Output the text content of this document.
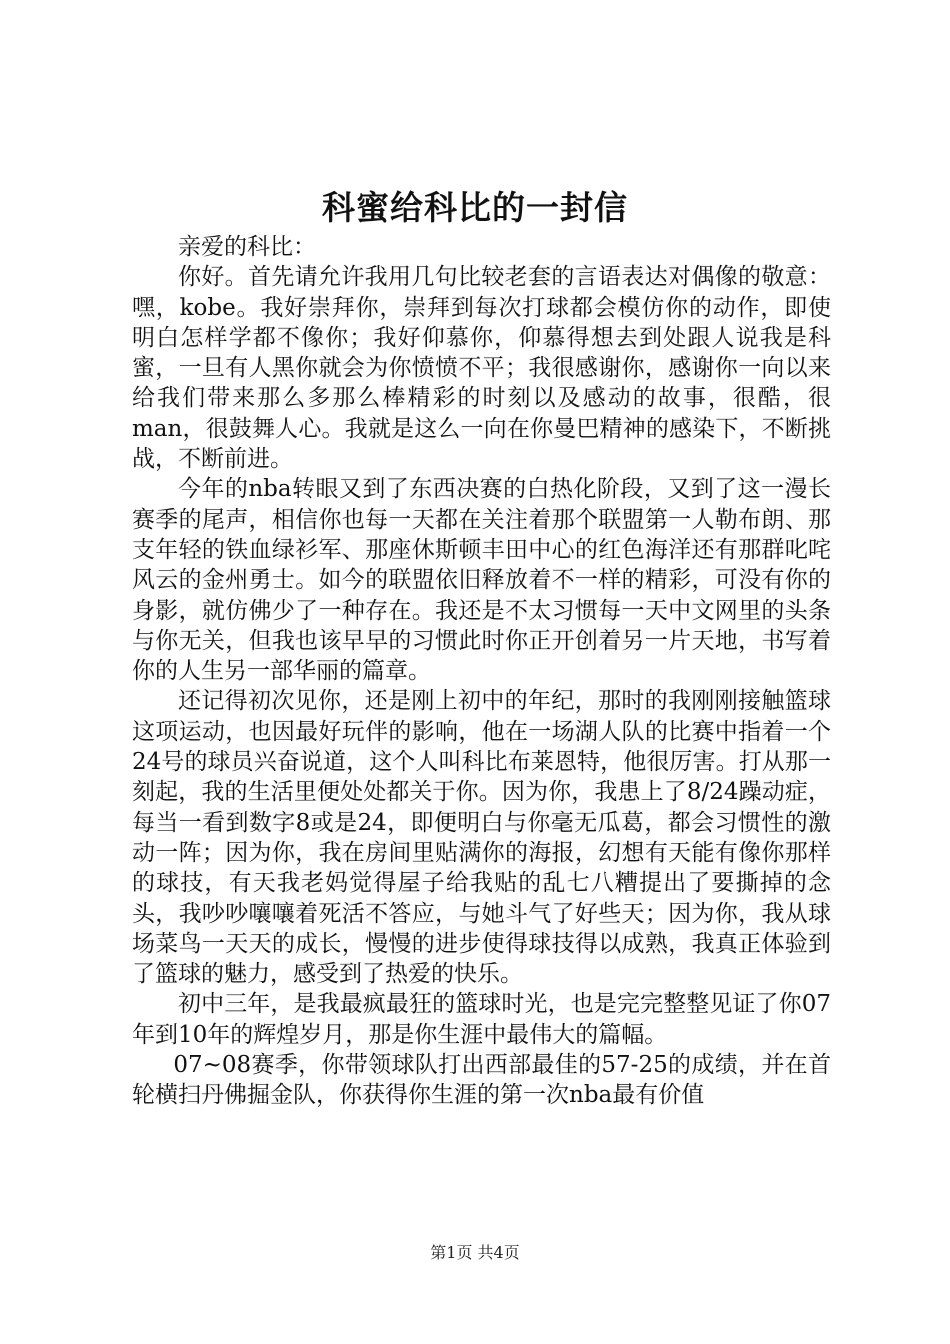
科蜜给科比的一封信

亲爱的科比：

你好。首先请允许我用几句比较老套的言语表达对偶像的敬意：嘿，kobe。我好崇拜你，崇拜到每次打球都会模仿你的动作，即使明白怎样学都不像你；我好仰慕你，仰慕得想去到处跟人说我是科蜜，一旦有人黑你就会为你愤愤不平；我很感谢你，感谢你一向以来给我们带来那么多那么棒精彩的时刻以及感动的故事，很酷，很man，很鼓舞人心。我就是这么一向在你曼巴精神的感染下，不断挑战，不断前进。

今年的nba转眼又到了东西决赛的白热化阶段，又到了这一漫长赛季的尾声，相信你也每一天都在关注着那个联盟第一人勒布朗、那支年轻的铁血绿衫军、那座休斯顿丰田中心的红色海洋还有那群叱咤风云的金州勇士。如今的联盟依旧释放着不一样的精彩，可没有你的身影，就仿佛少了一种存在。我还是不太习惯每一天中文网里的头条与你无关，但我也该早早的习惯此时你正开创着另一片天地，书写着你的人生另一部华丽的篇章。

还记得初次见你，还是刚上初中的年纪，那时的我刚刚接触篮球这项运动，也因最好玩伴的影响，他在一场湖人队的比赛中指着一个24号的球员兴奋说道，这个人叫科比布莱恩特，他很厉害。打从那一刻起，我的生活里便处处都关于你。因为你，我患上了8/24躁动症，每当一看到数字8或是24，即便明白与你毫无瓜葛，都会习惯性的激动一阵；因为你，我在房间里贴满你的海报，幻想有天能有像你那样的球技，有天我老妈觉得屋子给我贴的乱七八糟提出了要撕掉的念头，我吵吵嚷嚷着死活不答应，与她斗气了好些天；因为你，我从球场菜鸟一天天的成长，慢慢的进步使得球技得以成熟，我真正体验到了篮球的魅力，感受到了热爱的快乐。

初中三年，是我最疯最狂的篮球时光，也是完完整整见证了你07年到10年的辉煌岁月，那是你生涯中最伟大的篇幅。

07~08赛季，你带领球队打出西部最佳的57-25的成绩，并在首轮横扫丹佛掘金队，你获得你生涯的第一次nba最有价值

第1页 共4页
